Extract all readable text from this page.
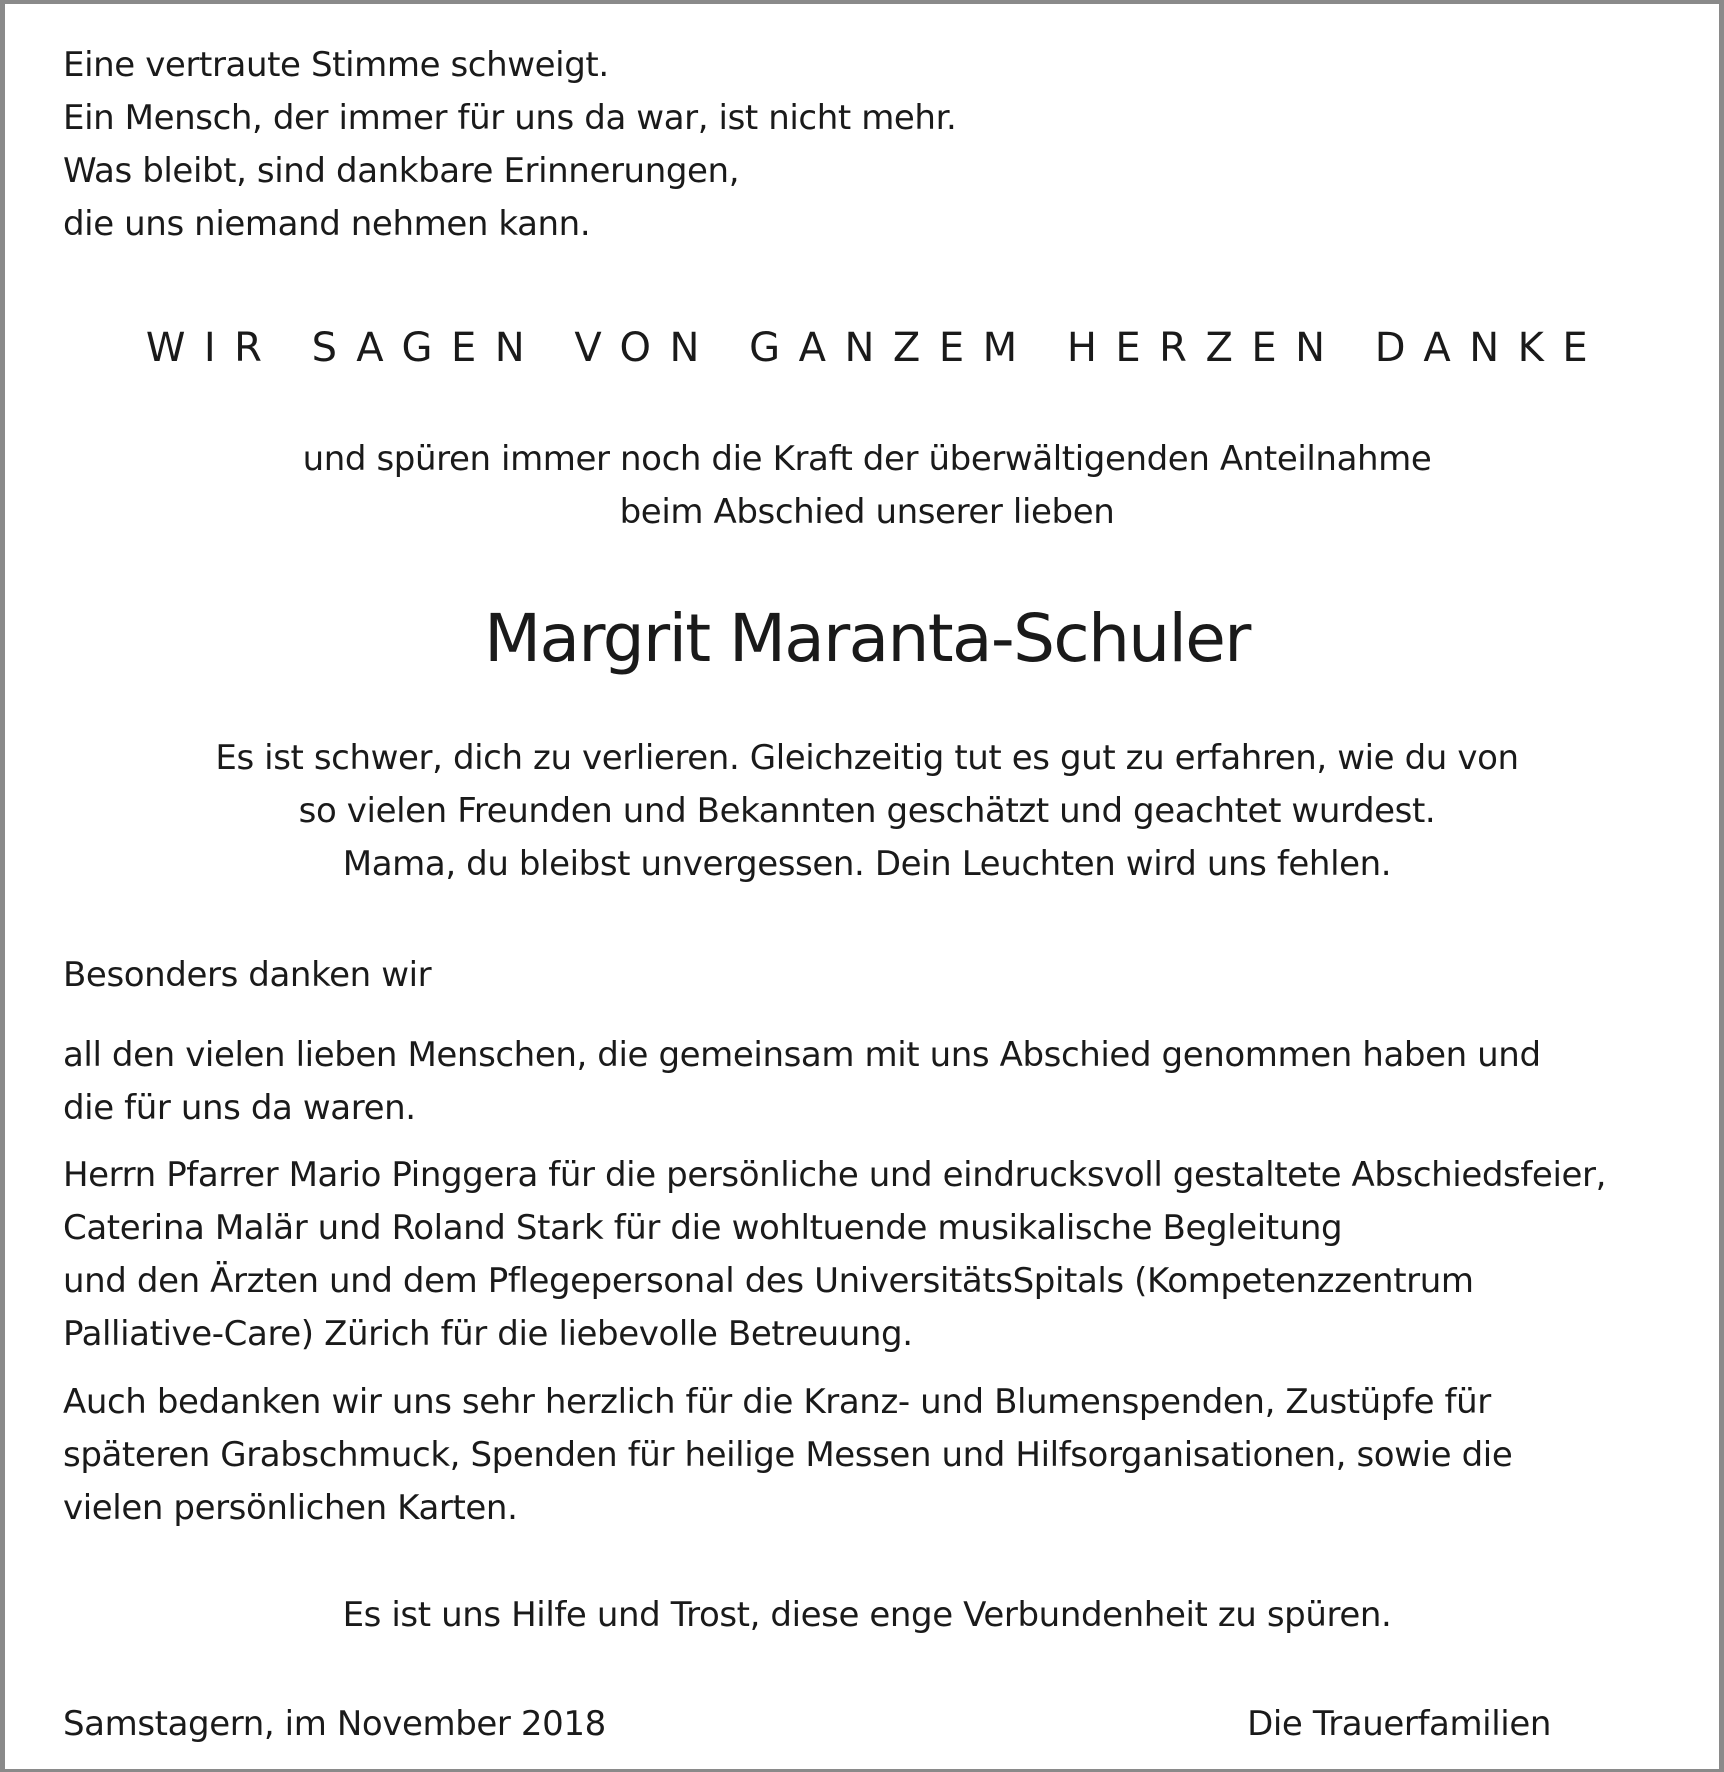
Eine vertraute Stimme schweigt.
Ein Mensch, der immer für uns da war, ist nicht mehr.
Was bleibt, sind dankbare Erinnerungen,
die uns niemand nehmen kann.
WIR SAGEN VON GANZEM HERZEN DANKE
und spüren immer noch die Kraft der überwältigenden Anteilnahme
beim Abschied unserer lieben
Margrit Maranta-Schuler
Es ist schwer, dich zu verlieren. Gleichzeitig tut es gut zu erfahren, wie du von
so vielen Freunden und Bekannten geschätzt und geachtet wurdest.
Mama, du bleibst unvergessen. Dein Leuchten wird uns fehlen.
Besonders danken wir
all den vielen lieben Menschen, die gemeinsam mit uns Abschied genommen haben und
die für uns da waren.
Herrn Pfarrer Mario Pinggera für die persönliche und eindrucksvoll gestaltete Abschiedsfeier,
Caterina Malär und Roland Stark für die wohltuende musikalische Begleitung
und den Ärzten und dem Pflegepersonal des UniversitätsSpitals (Kompetenzzentrum
Palliative-Care) Zürich für die liebevolle Betreuung.
Auch bedanken wir uns sehr herzlich für die Kranz- und Blumenspenden, Zustüpfe für
späteren Grabschmuck, Spenden für heilige Messen und Hilfsorganisationen, sowie die
vielen persönlichen Karten.
Es ist uns Hilfe und Trost, diese enge Verbundenheit zu spüren.
Samstagern, im November 2018	Die Trauerfamilien
